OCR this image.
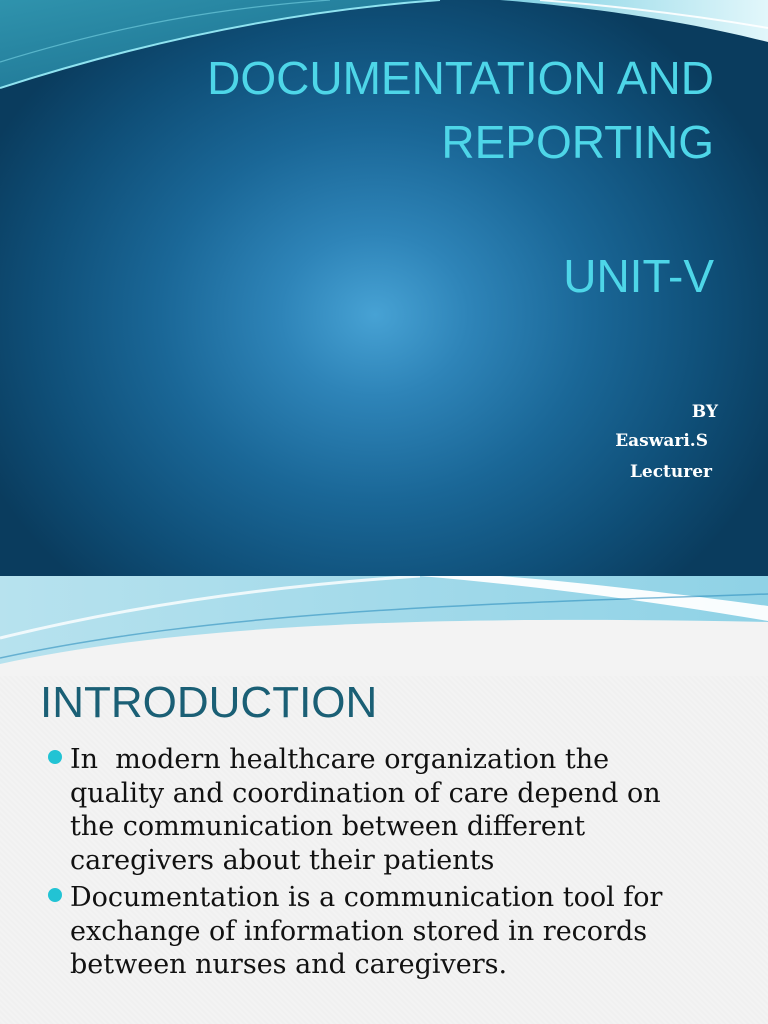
DOCUMENTATION AND
REPORTING
UNIT-V
BY
Easwari.S
Lecturer
INTRODUCTION
In  modern healthcare organization the
quality and coordination of care depend on
the communication between different
caregivers about their patients
Documentation is a communication tool for
exchange of information stored in records
between nurses and caregivers.
